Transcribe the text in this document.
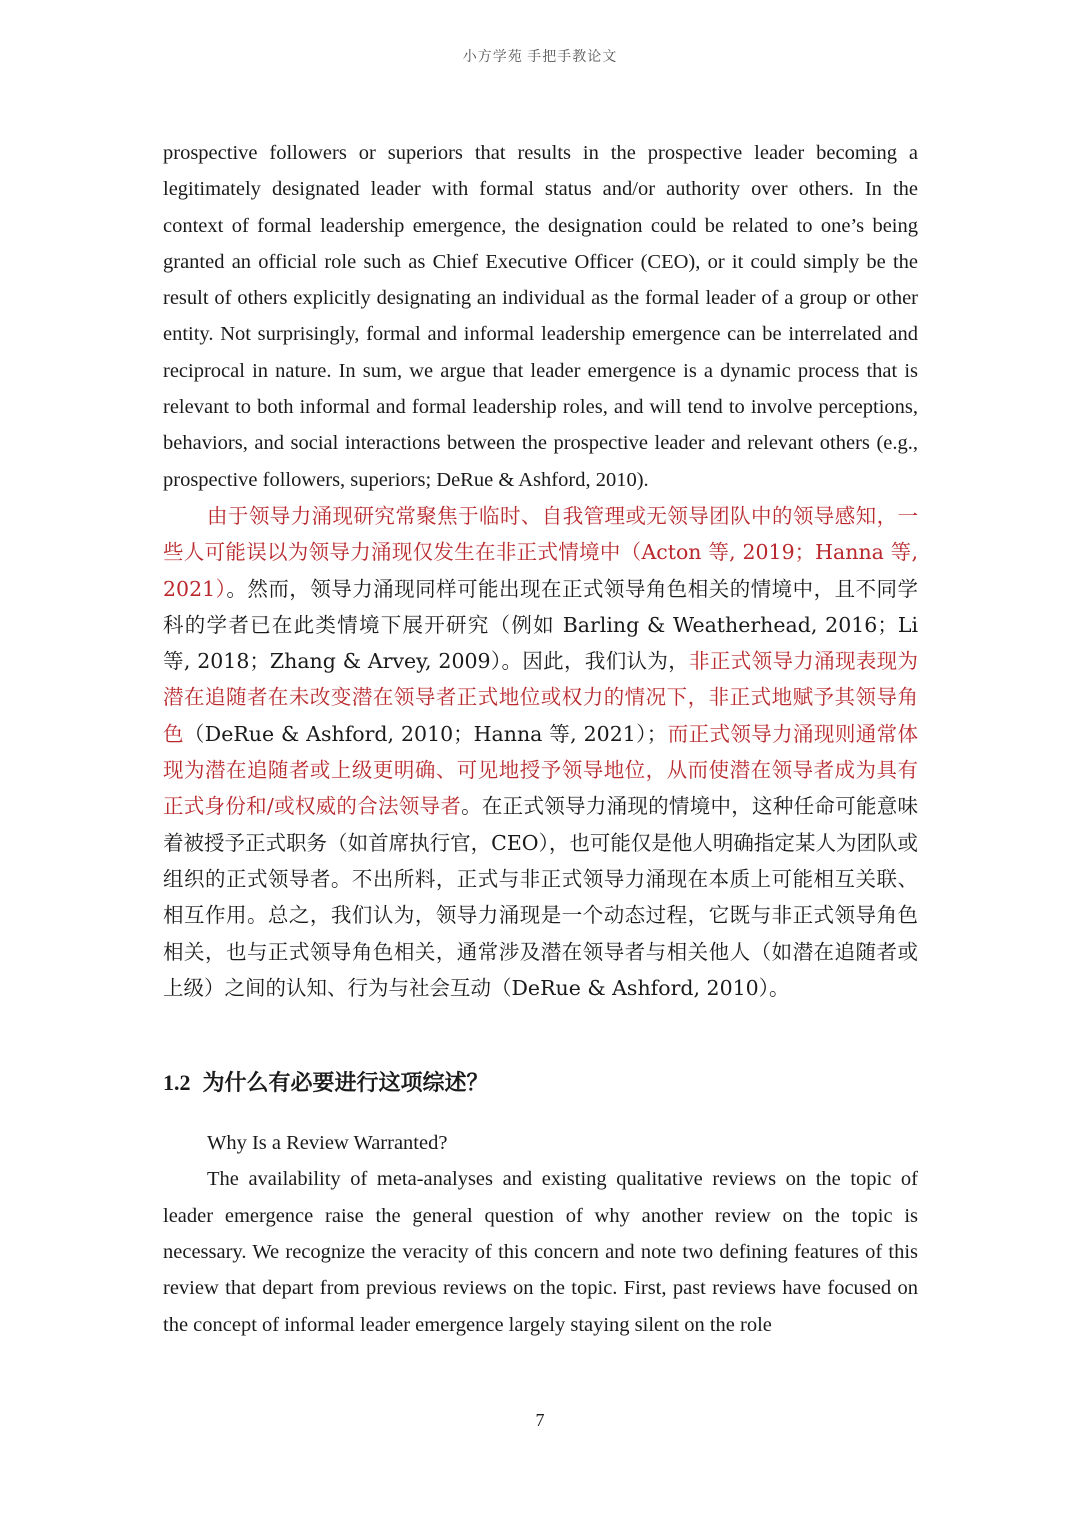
小方学苑 手把手教论文

prospective followers or superiors that results in the prospective leader becoming a legitimately designated leader with formal status and/or authority over others. In the context of formal leadership emergence, the designation could be related to one’s being granted an official role such as Chief Executive Officer (CEO), or it could simply be the result of others explicitly designating an individual as the formal leader of a group or other entity. Not surprisingly, formal and informal leadership emergence can be interrelated and reciprocal in nature. In sum, we argue that leader emergence is a dynamic process that is relevant to both informal and formal leadership roles, and will tend to involve perceptions, behaviors, and social interactions between the prospective leader and relevant others (e.g., prospective followers, superiors; DeRue & Ashford, 2010).

由于领导力涌现研究常聚焦于临时、自我管理或无领导团队中的领导感知，一些人可能误以为领导力涌现仅发生在非正式情境中（Acton 等, 2019；Hanna 等, 2021）。然而，领导力涌现同样可能出现在正式领导角色相关的情境中，且不同学科的学者已在此类情境下展开研究（例如 Barling & Weatherhead, 2016；Li 等, 2018；Zhang & Arvey, 2009）。因此，我们认为，非正式领导力涌现表现为潜在追随者在未改变潜在领导者正式地位或权力的情况下，非正式地赋予其领导角色（DeRue & Ashford, 2010；Hanna 等, 2021）；而正式领导力涌现则通常体现为潜在追随者或上级更明确、可见地授予领导地位，从而使潜在领导者成为具有正式身份和/或权威的合法领导者。在正式领导力涌现的情境中，这种任命可能意味着被授予正式职务（如首席执行官，CEO），也可能仅是他人明确指定某人为团队或组织的正式领导者。不出所料，正式与非正式领导力涌现在本质上可能相互关联、相互作用。总之，我们认为，领导力涌现是一个动态过程，它既与非正式领导角色相关，也与正式领导角色相关，通常涉及潜在领导者与相关他人（如潜在追随者或上级）之间的认知、行为与社会互动（DeRue & Ashford, 2010）。

1.2 为什么有必要进行这项综述？

Why Is a Review Warranted?

The availability of meta-analyses and existing qualitative reviews on the topic of leader emergence raise the general question of why another review on the topic is necessary. We recognize the veracity of this concern and note two defining features of this review that depart from previous reviews on the topic. First, past reviews have focused on the concept of informal leader emergence largely staying silent on the role

7
